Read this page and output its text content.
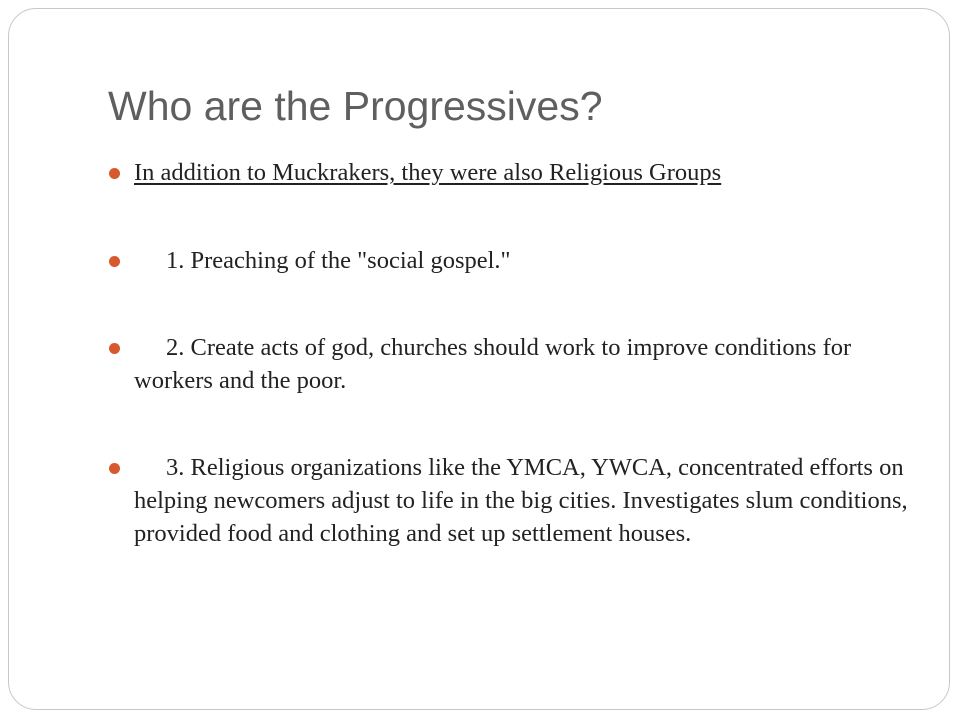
Who are the Progressives?
In addition to Muckrakers, they were also Religious Groups
1. Preaching of the "social gospel."
2. Create acts of god, churches should work to improve conditions for workers and the poor.
3. Religious organizations like the YMCA, YWCA, concentrated efforts on helping newcomers adjust to life in the big cities. Investigates slum conditions, provided food and clothing and set up settlement houses.
